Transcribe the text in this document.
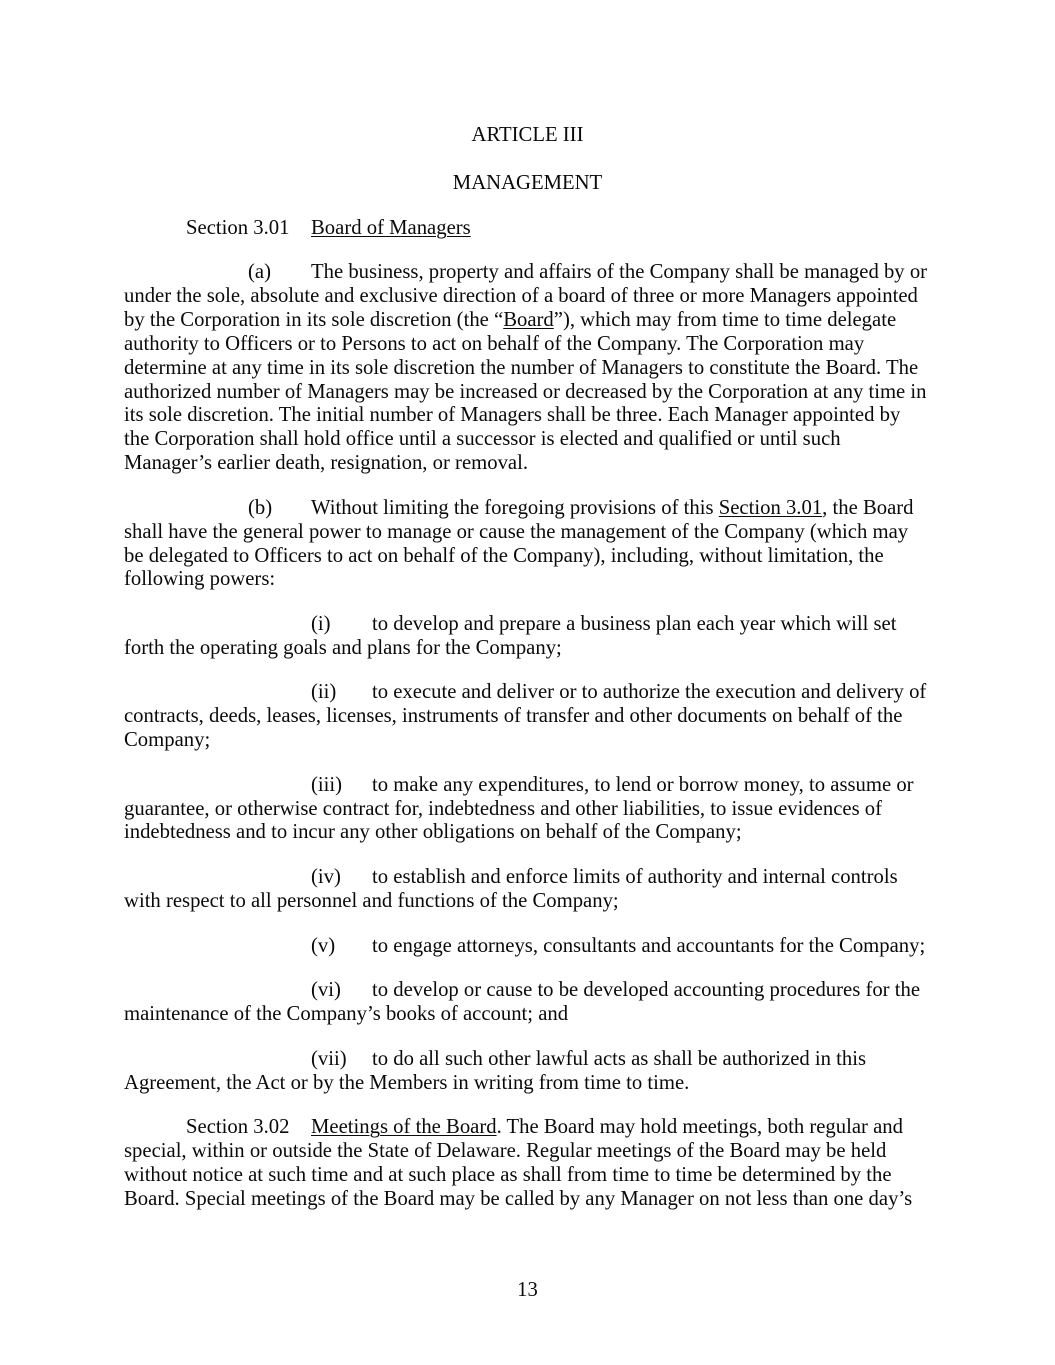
ARTICLE III
MANAGEMENT
Section 3.01 Board of Managers
(a) The business, property and affairs of the Company shall be managed by or
under the sole, absolute and exclusive direction of a board of three or more Managers appointed
by the Corporation in its sole discretion (the “Board”), which may from time to time delegate
authority to Officers or to Persons to act on behalf of the Company. The Corporation may
determine at any time in its sole discretion the number of Managers to constitute the Board. The
authorized number of Managers may be increased or decreased by the Corporation at any time in
its sole discretion. The initial number of Managers shall be three. Each Manager appointed by
the Corporation shall hold office until a successor is elected and qualified or until such
Manager’s earlier death, resignation, or removal.
(b) Without limiting the foregoing provisions of this Section 3.01, the Board
shall have the general power to manage or cause the management of the Company (which may
be delegated to Officers to act on behalf of the Company), including, without limitation, the
following powers:
(i) to develop and prepare a business plan each year which will set
forth the operating goals and plans for the Company;
(ii) to execute and deliver or to authorize the execution and delivery of
contracts, deeds, leases, licenses, instruments of transfer and other documents on behalf of the
Company;
(iii) to make any expenditures, to lend or borrow money, to assume or
guarantee, or otherwise contract for, indebtedness and other liabilities, to issue evidences of
indebtedness and to incur any other obligations on behalf of the Company;
(iv) to establish and enforce limits of authority and internal controls
with respect to all personnel and functions of the Company;
(v) to engage attorneys, consultants and accountants for the Company;
(vi) to develop or cause to be developed accounting procedures for the
maintenance of the Company’s books of account; and
(vii) to do all such other lawful acts as shall be authorized in this
Agreement, the Act or by the Members in writing from time to time.
Section 3.02 Meetings of the Board. The Board may hold meetings, both regular and
special, within or outside the State of Delaware. Regular meetings of the Board may be held
without notice at such time and at such place as shall from time to time be determined by the
Board. Special meetings of the Board may be called by any Manager on not less than one day’s
13
